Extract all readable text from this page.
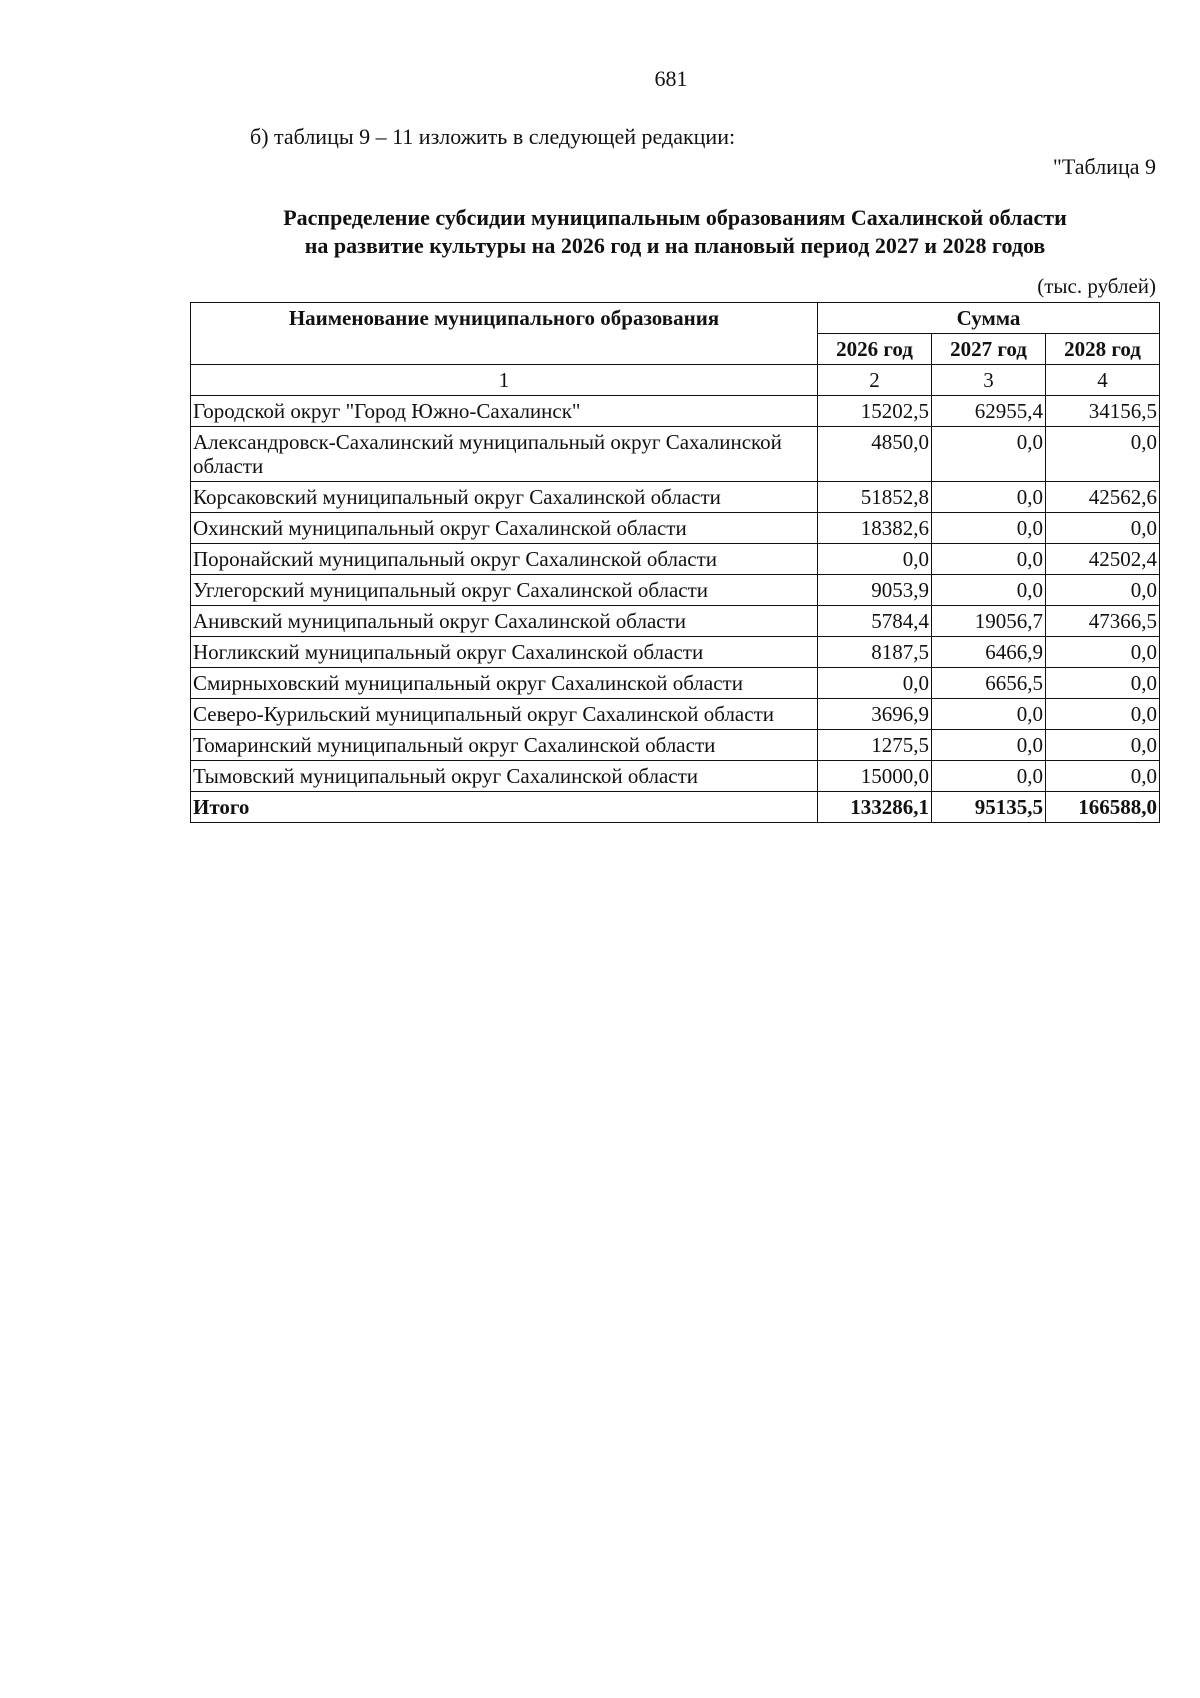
681
б) таблицы 9 – 11 изложить в следующей редакции:
"Таблица 9
Распределение субсидии муниципальным образованиям Сахалинской области
на развитие культуры на 2026 год и на плановый период 2027 и 2028 годов
(тыс. рублей)
Наименование муниципального образования	Сумма		
	2026 год	2027 год	2028 год
1	2	3	4
Городской округ "Город Южно-Сахалинск"	15202,5	62955,4	34156,5
Александровск-Сахалинский муниципальный округ Сахалинской области	4850,0	0,0	0,0
Корсаковский муниципальный округ Сахалинской области	51852,8	0,0	42562,6
Охинский муниципальный округ Сахалинской области	18382,6	0,0	0,0
Поронайский муниципальный округ Сахалинской области	0,0	0,0	42502,4
Углегорский муниципальный округ Сахалинской области	9053,9	0,0	0,0
Анивский муниципальный округ Сахалинской области	5784,4	19056,7	47366,5
Ногликский муниципальный округ Сахалинской области	8187,5	6466,9	0,0
Смирныховский муниципальный округ Сахалинской области	0,0	6656,5	0,0
Северо-Курильский муниципальный округ Сахалинской области	3696,9	0,0	0,0
Томаринский муниципальный округ Сахалинской области	1275,5	0,0	0,0
Тымовский муниципальный округ Сахалинской области	15000,0	0,0	0,0
Итого	133286,1	95135,5	166588,0
